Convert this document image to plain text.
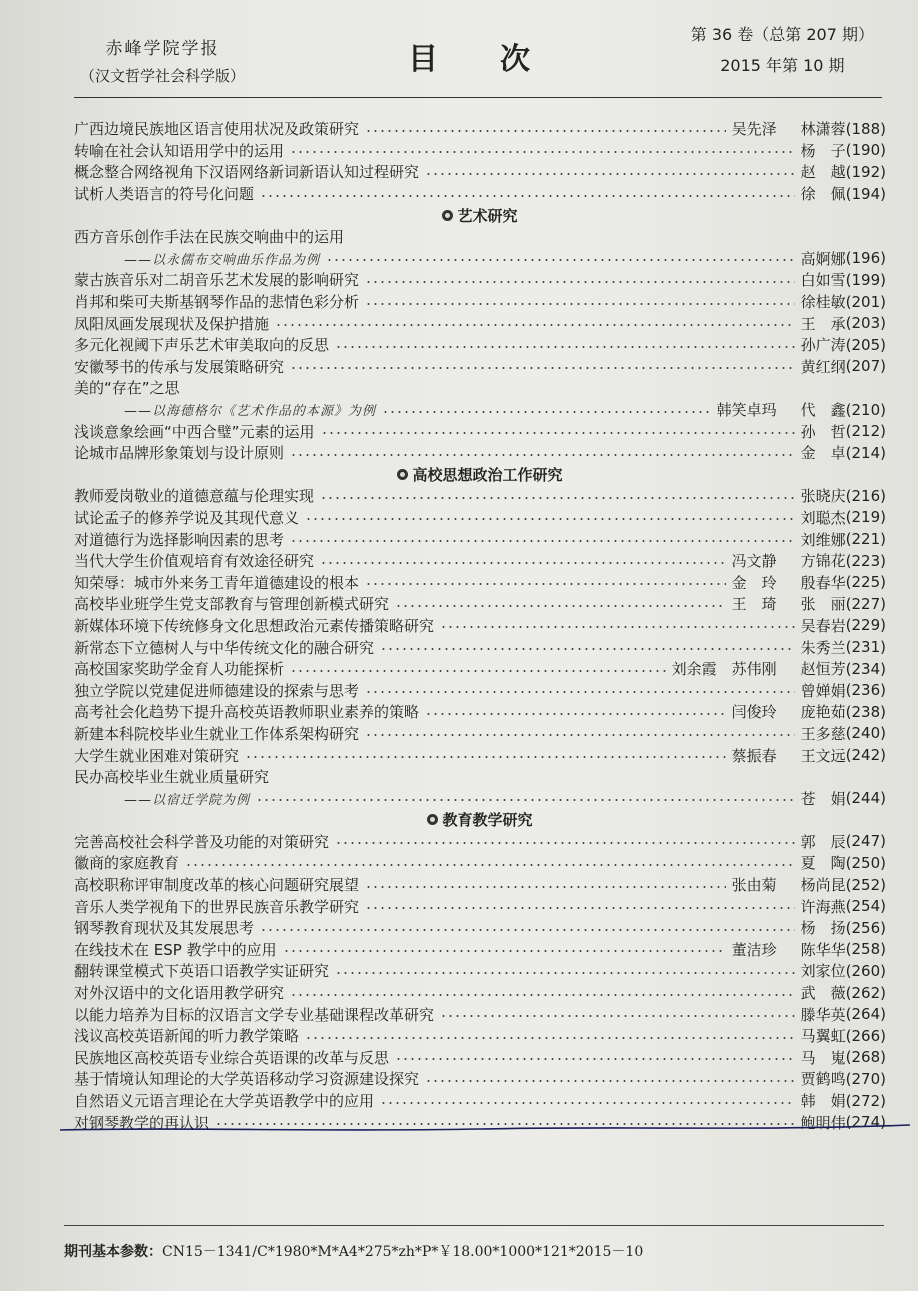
赤峰学院学报
（汉文哲学社会科学版）	目次
第 36 卷（总第 207 期）
2015 年第 10 期
广西边境民族地区语言使用状况及政策研究	吴先泽 林潇蓉 (188)
转喻在社会认知语用学中的运用	杨　子 (190)
概念整合网络视角下汉语网络新词新语认知过程研究	赵　越 (192)
试析人类语言的符号化问题	徐　佩 (194)
艺术研究
西方音乐创作手法在民族交响曲中的运用
——以永儒布交响曲乐作品为例	高婀娜 (196)
蒙古族音乐对二胡音乐艺术发展的影响研究	白如雪 (199)
肖邦和柴可夫斯基钢琴作品的悲情色彩分析	徐桂敏 (201)
凤阳凤画发展现状及保护措施	王　承 (203)
多元化视阈下声乐艺术审美取向的反思	孙广涛 (205)
安徽琴书的传承与发展策略研究	黄红纲 (207)
美的“存在”之思
——以海德格尔《艺术作品的本源》为例	韩笑卓玛 代　鑫 (210)
浅谈意象绘画“中西合璧”元素的运用	孙　哲 (212)
论城市品牌形象策划与设计原则	金　卓 (214)
高校思想政治工作研究
教师爱岗敬业的道德意蕴与伦理实现	张晓庆 (216)
试论孟子的修养学说及其现代意义	刘聪杰 (219)
对道德行为选择影响因素的思考	刘维娜 (221)
当代大学生价值观培育有效途径研究	冯文静 方锦花 (223)
知荣辱：城市外来务工青年道德建设的根本	金　玲 殷春华 (225)
高校毕业班学生党支部教育与管理创新模式研究	王　琦 张　丽 (227)
新媒体环境下传统修身文化思想政治元素传播策略研究	吴春岩 (229)
新常态下立德树人与中华传统文化的融合研究	朱秀兰 (231)
高校国家奖助学金育人功能探析	刘余霞　苏伟刚 赵恒芳 (234)
独立学院以党建促进师德建设的探索与思考	曾婵娟 (236)
高考社会化趋势下提升高校英语教师职业素养的策略	闫俊玲 庞艳茹 (238)
新建本科院校毕业生就业工作体系架构研究	王多慈 (240)
大学生就业困难对策研究	蔡振春 王文远 (242)
民办高校毕业生就业质量研究
——以宿迁学院为例	苍　娟 (244)
教育教学研究
完善高校社会科学普及功能的对策研究	郭　辰 (247)
徽商的家庭教育	夏　陶 (250)
高校职称评审制度改革的核心问题研究展望	张由菊 杨尚昆 (252)
音乐人类学视角下的世界民族音乐教学研究	许海燕 (254)
钢琴教育现状及其发展思考	杨　扬 (256)
在线技术在 ESP 教学中的应用	董洁珍 陈华华 (258)
翻转课堂模式下英语口语教学实证研究	刘家位 (260)
对外汉语中的文化语用教学研究	武　薇 (262)
以能力培养为目标的汉语言文学专业基础课程改革研究	滕华英 (264)
浅议高校英语新闻的听力教学策略	马翼虹 (266)
民族地区高校英语专业综合英语课的改革与反思	马　嵬 (268)
基于情境认知理论的大学英语移动学习资源建设探究	贾鹤鸣 (270)
自然语义元语言理论在大学英语教学中的应用	韩　娟 (272)
对钢琴教学的再认识	鲍明伟 (274)
期刊基本参数：CN15－1341/C*1980*M*A4*275*zh*P*￥18.00*1000*121*2015－10
